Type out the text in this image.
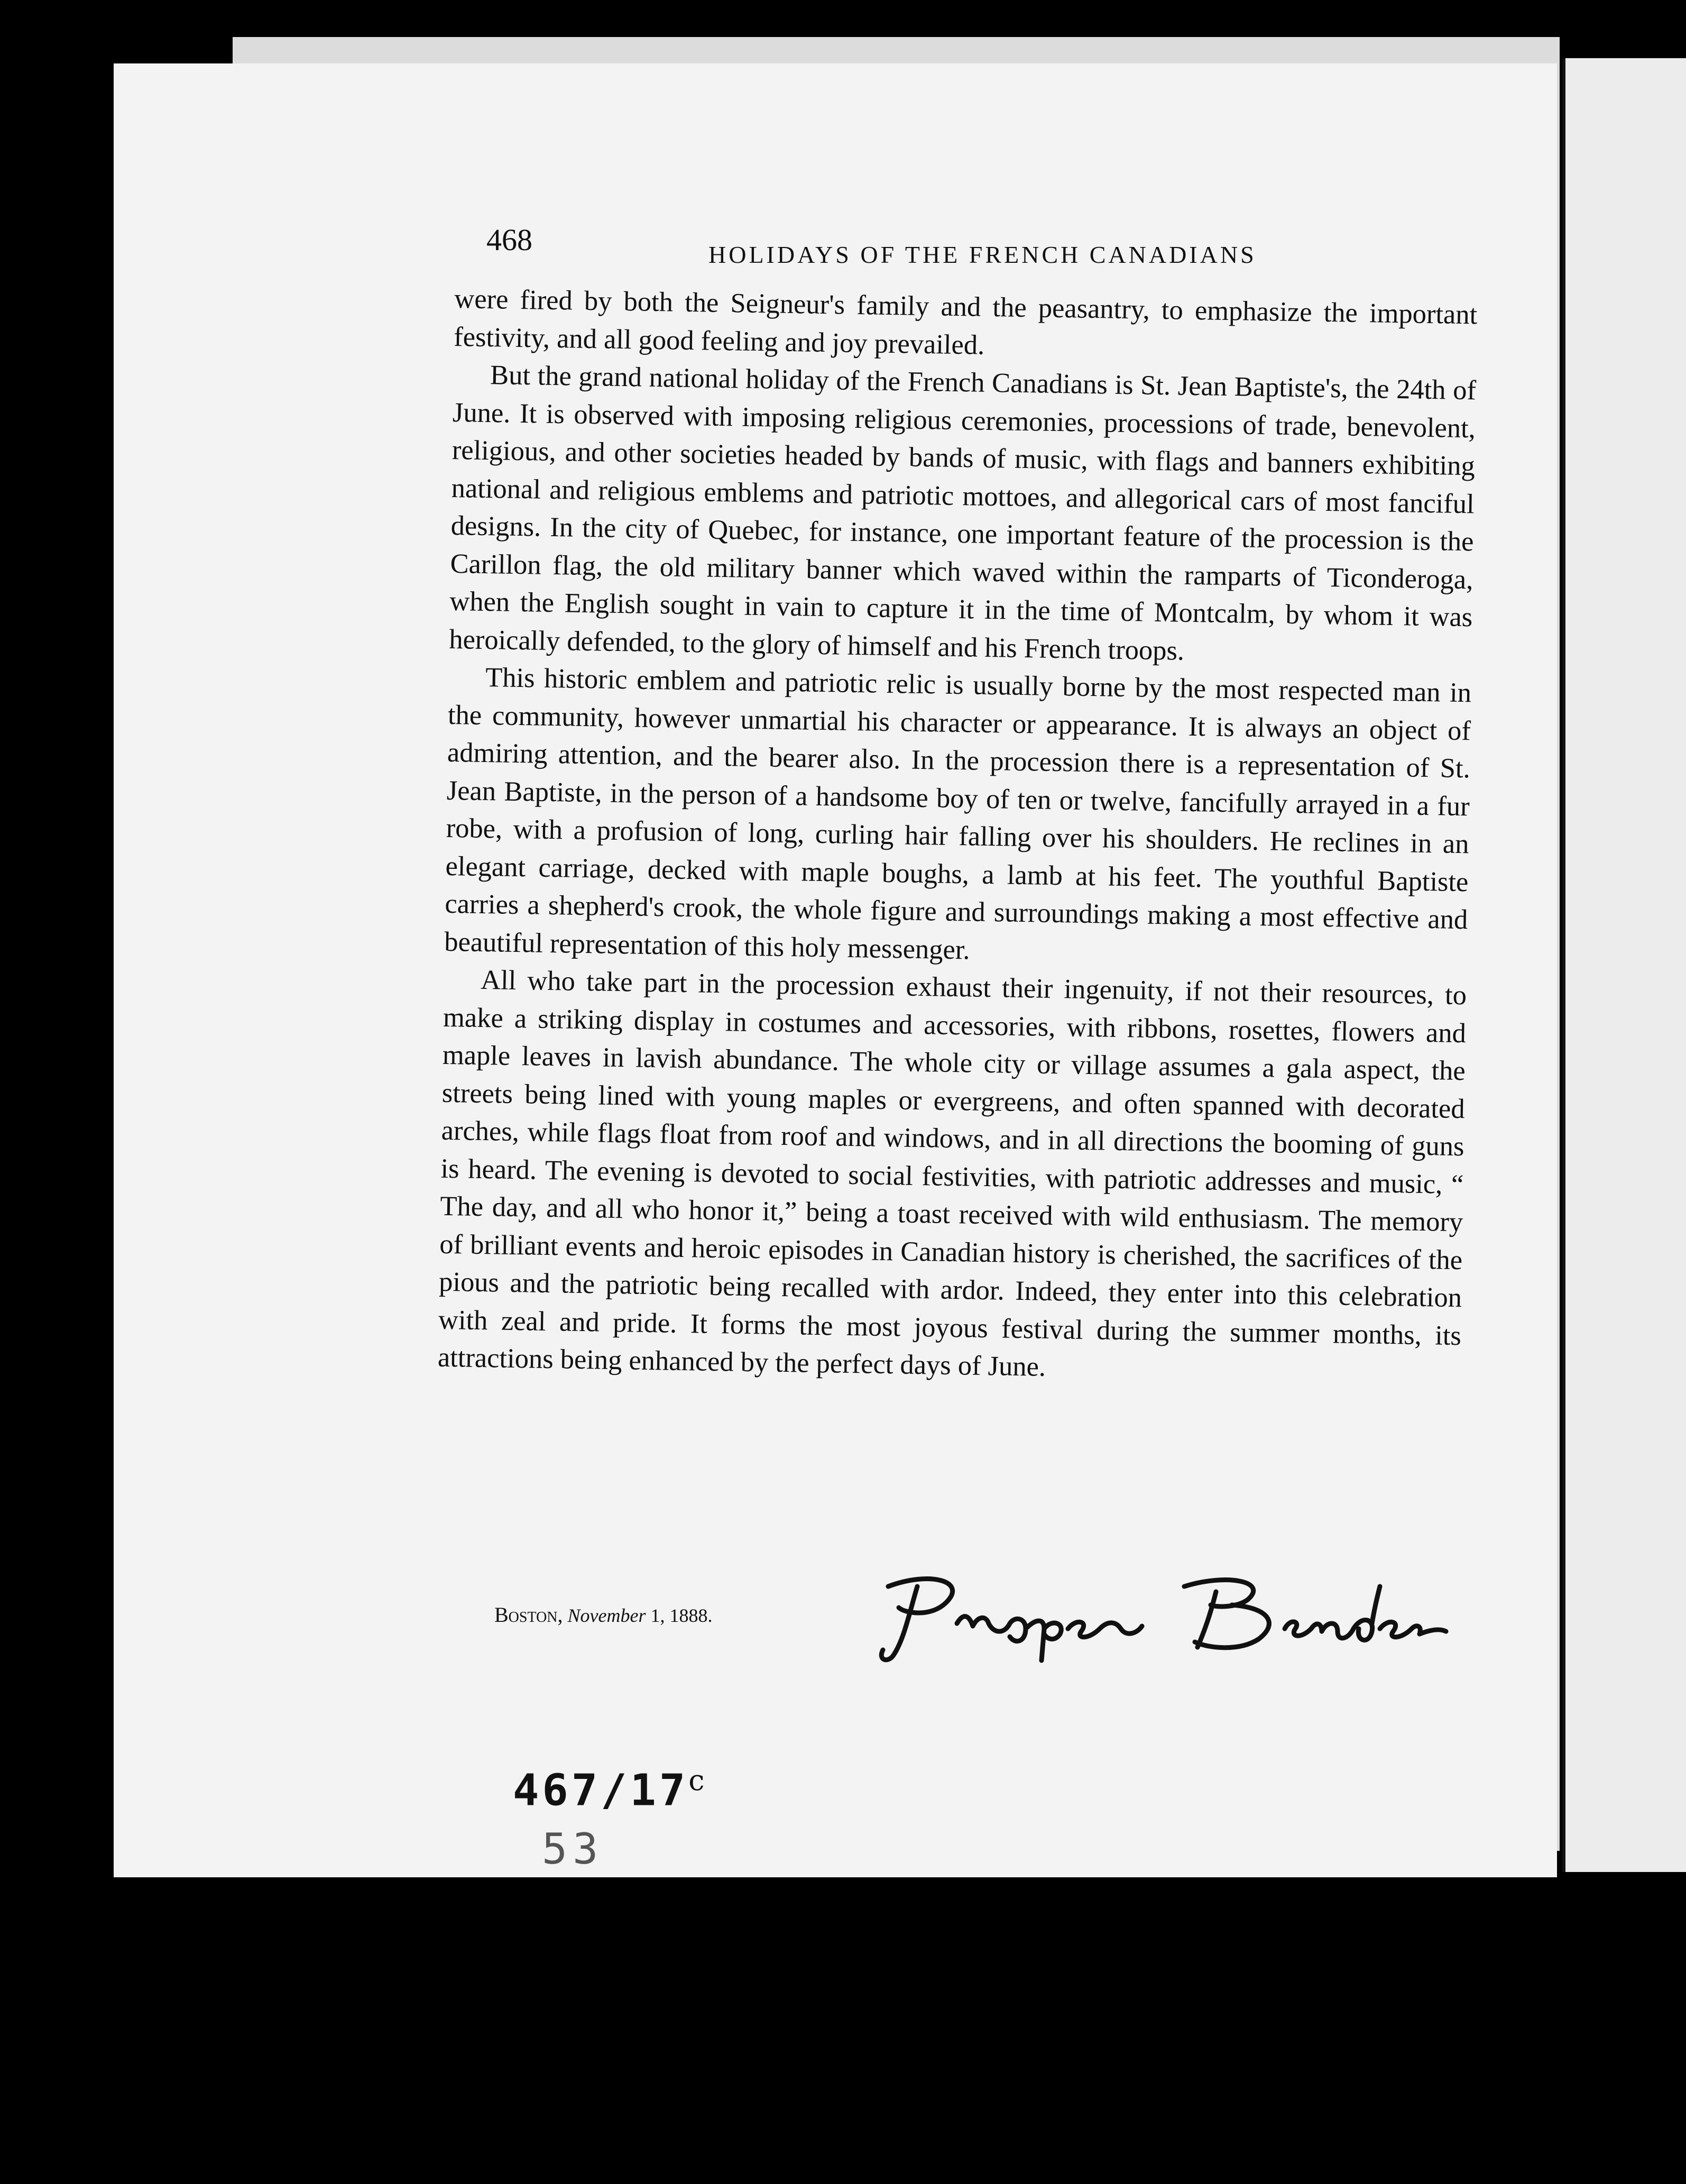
468	HOLIDAYS OF THE FRENCH CANADIANS

were fired by both the Seigneur's family and the peasantry, to emphasize the important festivity, and all good feeling and joy prevailed.

But the grand national holiday of the French Canadians is St. Jean Baptiste's, the 24th of June. It is observed with imposing religious ceremonies, processions of trade, benevolent, religious, and other societies headed by bands of music, with flags and banners exhibiting national and religious emblems and patriotic mottoes, and allegorical cars of most fanciful designs. In the city of Quebec, for instance, one important feature of the procession is the Carillon flag, the old military banner which waved within the ramparts of Ticonderoga, when the English sought in vain to capture it in the time of Montcalm, by whom it was heroically defended, to the glory of himself and his French troops.

This historic emblem and patriotic relic is usually borne by the most respected man in the community, however unmartial his character or appearance. It is always an object of admiring attention, and the bearer also. In the procession there is a representation of St. Jean Baptiste, in the person of a handsome boy of ten or twelve, fancifully arrayed in a fur robe, with a profusion of long, curling hair falling over his shoulders. He reclines in an elegant carriage, decked with maple boughs, a lamb at his feet. The youthful Baptiste carries a shepherd's crook, the whole figure and surroundings making a most effective and beautiful representation of this holy messenger.

All who take part in the procession exhaust their ingenuity, if not their resources, to make a striking display in costumes and accessories, with ribbons, rosettes, flowers and maple leaves in lavish abundance. The whole city or village assumes a gala aspect, the streets being lined with young maples or evergreens, and often spanned with decorated arches, while flags float from roof and windows, and in all directions the booming of guns is heard. The evening is devoted to social festivities, with patriotic addresses and music, “ The day, and all who honor it,” being a toast received with wild enthusiasm. The memory of brilliant events and heroic episodes in Canadian history is cherished, the sacrifices of the pious and the patriotic being recalled with ardor. Indeed, they enter into this celebration with zeal and pride. It forms the most joyous festival during the summer months, its attractions being enhanced by the perfect days of June.

Boston, November 1, 1888.
467/17$^c$
53
